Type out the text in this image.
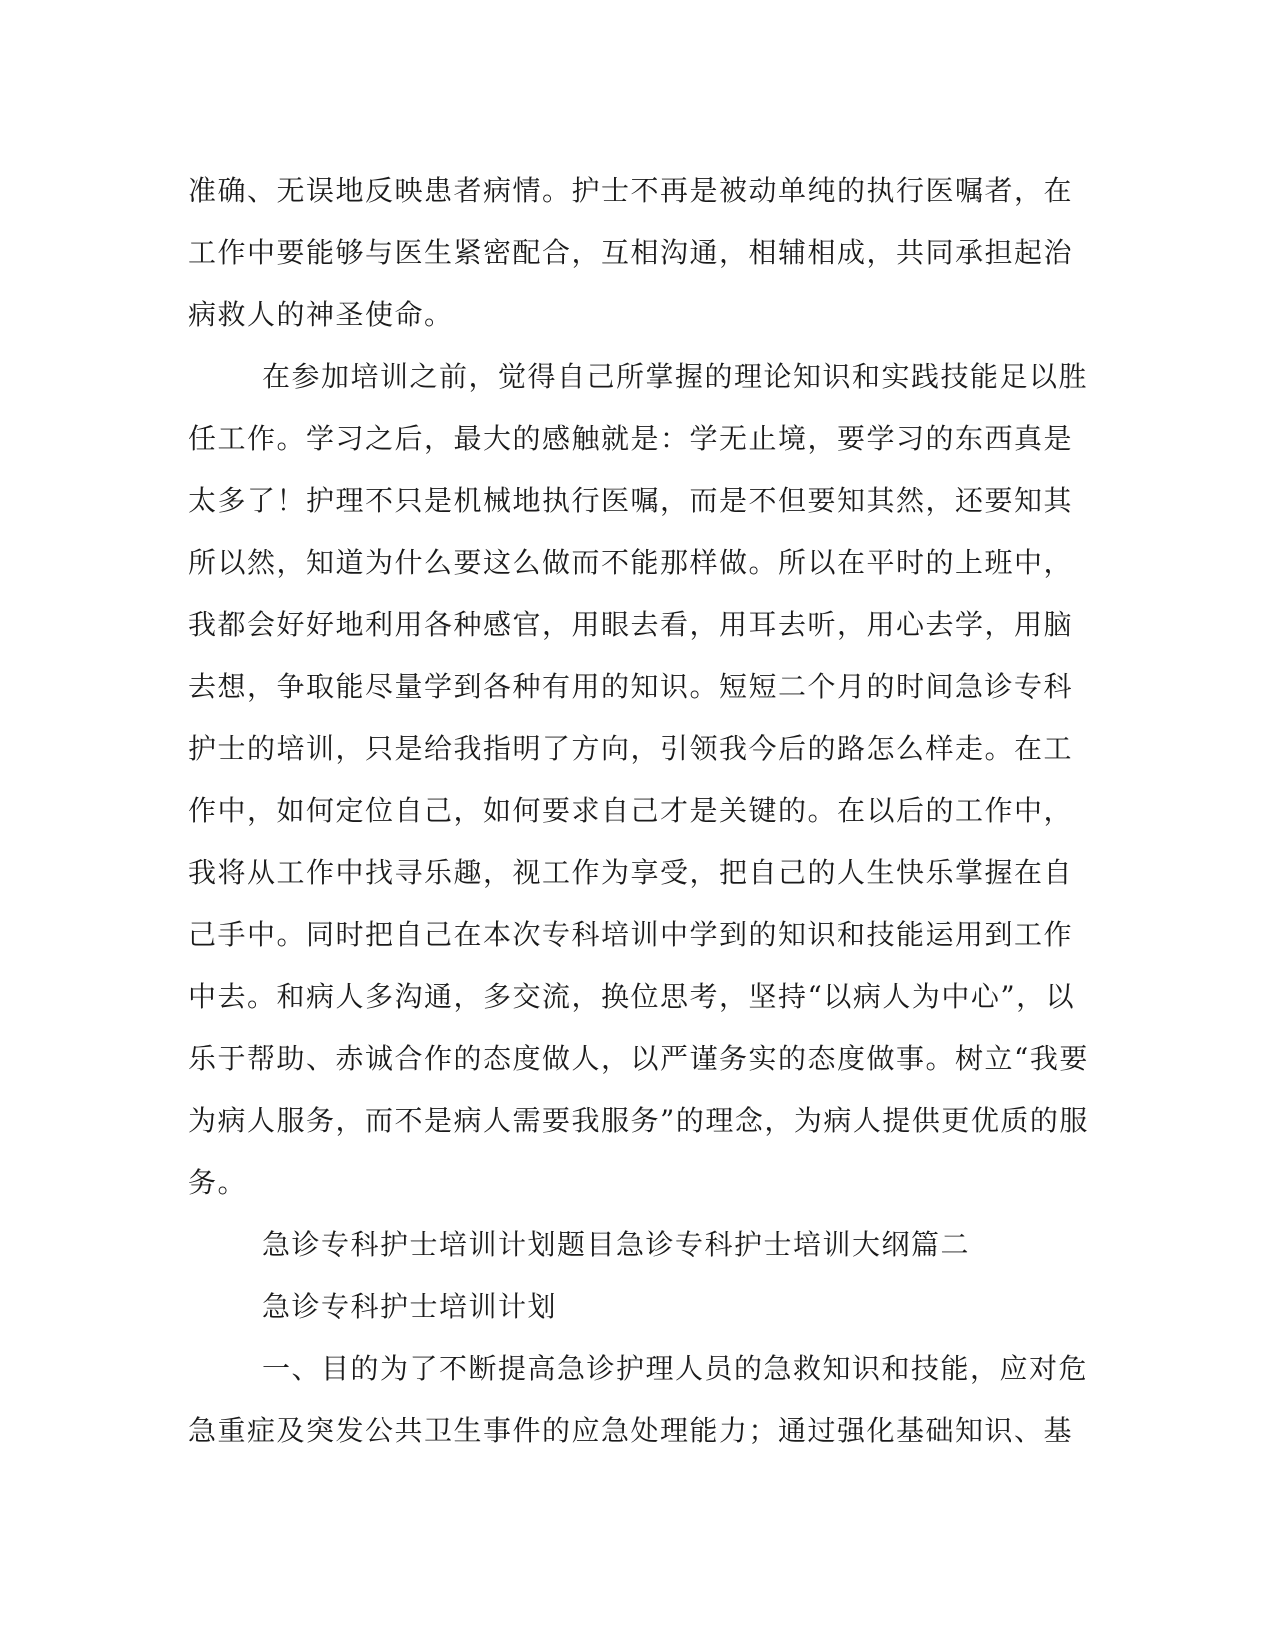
准确、无误地反映患者病情。护士不再是被动单纯的执行医嘱者，在
工作中要能够与医生紧密配合，互相沟通，相辅相成，共同承担起治
病救人的神圣使命。
在参加培训之前，觉得自己所掌握的理论知识和实践技能足以胜
任工作。学习之后，最大的感触就是：学无止境，要学习的东西真是
太多了！护理不只是机械地执行医嘱，而是不但要知其然，还要知其
所以然，知道为什么要这么做而不能那样做。所以在平时的上班中，
我都会好好地利用各种感官，用眼去看，用耳去听，用心去学，用脑
去想，争取能尽量学到各种有用的知识。短短二个月的时间急诊专科
护士的培训，只是给我指明了方向，引领我今后的路怎么样走。在工
作中，如何定位自己，如何要求自己才是关键的。在以后的工作中，
我将从工作中找寻乐趣，视工作为享受，把自己的人生快乐掌握在自
己手中。同时把自己在本次专科培训中学到的知识和技能运用到工作
中去。和病人多沟通，多交流，换位思考，坚持“以病人为中心”，以
乐于帮助、赤诚合作的态度做人，以严谨务实的态度做事。树立“我要
为病人服务，而不是病人需要我服务”的理念，为病人提供更优质的服
务。
急诊专科护士培训计划题目急诊专科护士培训大纲篇二
急诊专科护士培训计划
一、目的为了不断提高急诊护理人员的急救知识和技能，应对危
急重症及突发公共卫生事件的应急处理能力；通过强化基础知识、基
